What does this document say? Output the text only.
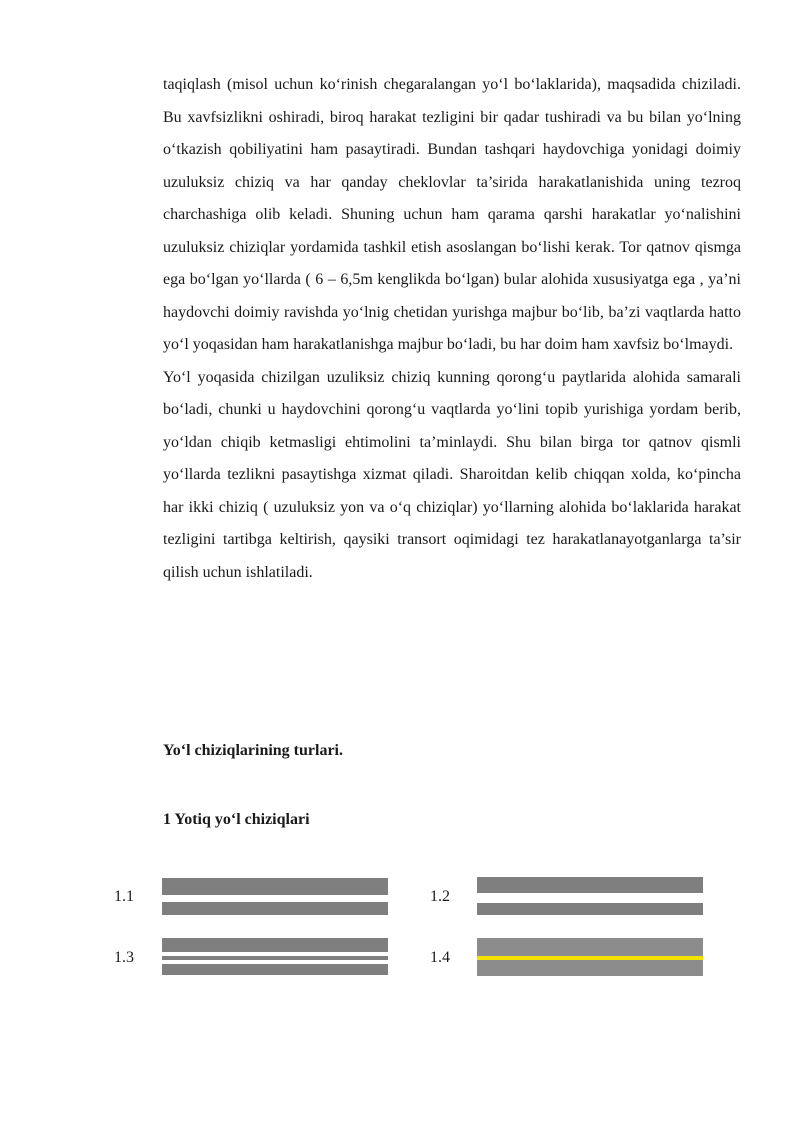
taqiqlash (misol uchun ko‘rinish chegaralangan yo‘l bo‘laklarida), maqsadida chiziladi. Bu xavfsizlikni oshiradi, biroq harakat tezligini bir qadar tushiradi va bu bilan yo‘lning o‘tkazish qobiliyatini ham pasaytiradi. Bundan tashqari haydovchiga yonidagi doimiy uzuluksiz chiziq va har qanday cheklovlar ta’sirida harakatlanishida uning tezroq charchashiga olib keladi. Shuning uchun ham qarama qarshi harakatlar yo‘nalishini uzuluksiz chiziqlar yordamida tashkil etish asoslangan bo‘lishi kerak. Tor qatnov qismga ega bo‘lgan yo‘llarda ( 6 – 6,5m kenglikda bo‘lgan) bular alohida xususiyatga ega , ya’ni haydovchi doimiy ravishda yo‘lnig chetidan yurishga majbur bo‘lib, ba’zi vaqtlarda hatto yo‘l yoqasidan ham harakatlanishga majbur bo‘ladi, bu har doim ham xavfsiz bo‘lmaydi.

Yo‘l yoqasida chizilgan uzuliksiz chiziq kunning qorong‘u paytlarida alohida samarali bo‘ladi, chunki u haydovchini qorong‘u vaqtlarda yo‘lini topib yurishiga yordam berib, yo‘ldan chiqib ketmasligi ehtimolini ta’minlaydi. Shu bilan birga tor qatnov qismli yo‘llarda tezlikni pasaytishga xizmat qiladi. Sharoitdan kelib chiqqan xolda, ko‘pincha har ikki chiziq ( uzuluksiz yon va o‘q chiziqlar) yo‘llarning alohida bo‘laklarida harakat tezligini tartibga keltirish, qaysiki transort oqimidagi tez harakatlanayotganlarga ta’sir qilish uchun ishlatiladi.

Yo‘l chiziqlarining turlari.
1 Yotiq yo‘l chiziqlari
1.1	1.2
1.3	1.4
